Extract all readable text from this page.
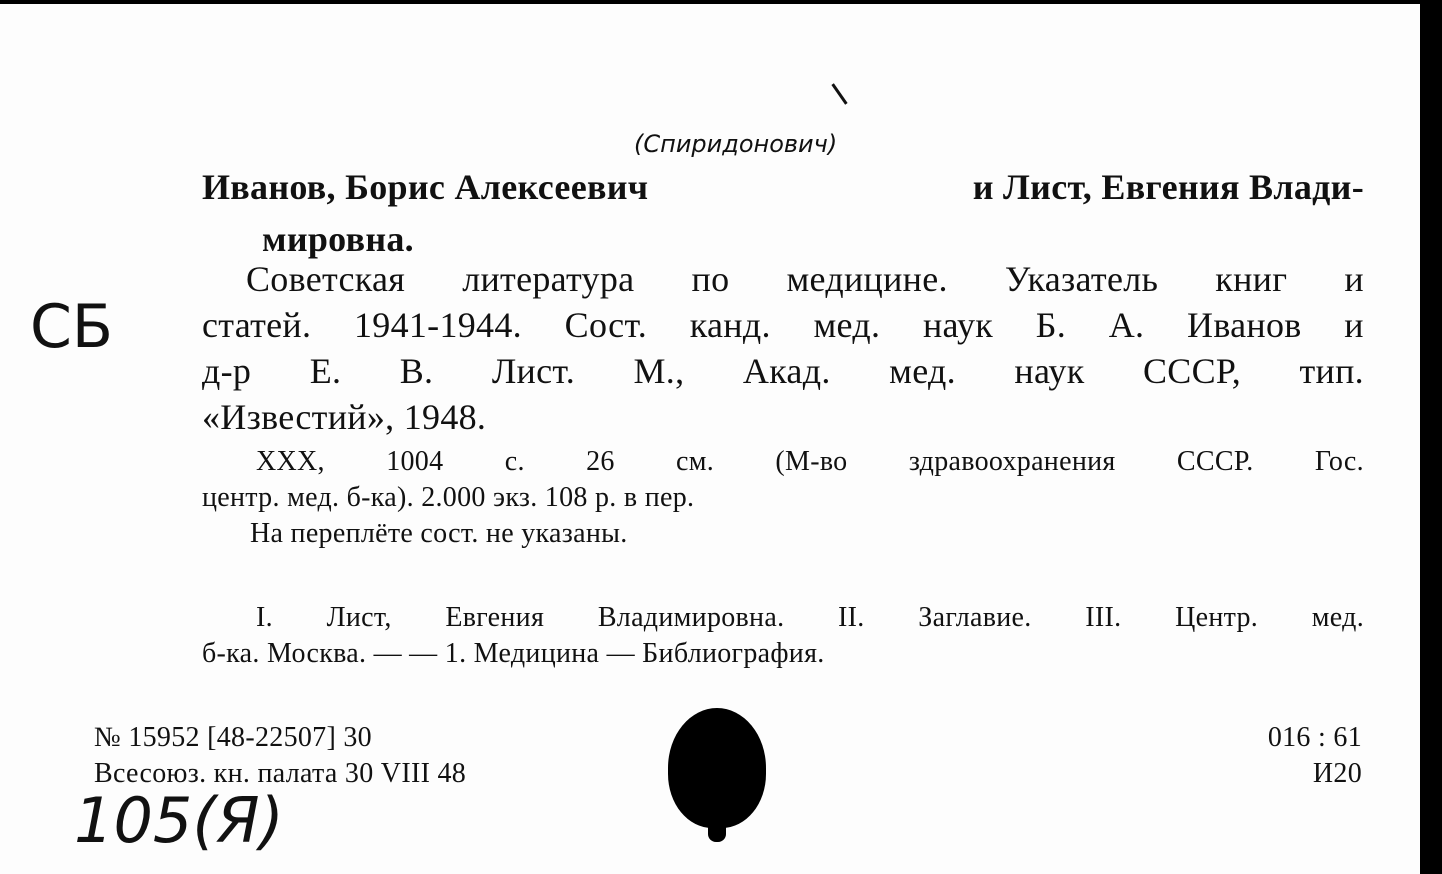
СБ
(Спиридонович)
105(Я)
Иванов, Борис Алексеевич	и Лист, Евгения Влади-
мировна.
Советская литература по медицине. Указатель книг и
статей. 1941-1944. Сост. канд. мед. наук Б. А. Иванов и
д-р Е. В. Лист. М., Акад. мед. наук СССР, тип.
«Известий», 1948.
XXX, 1004 с. 26 см. (М-во здравоохранения СССР. Гос.
центр. мед. б-ка). 2.000 экз. 108 р. в пер.
На переплёте сост. не указаны.
I. Лист, Евгения Владимировна. II. Заглавие. III. Центр. мед.
б-ка. Москва. — — 1. Медицина — Библиография.
№ 15952 [48-22507] 30
Всесоюз. кн. палата 30 VIII 48
016 : 61
И20
